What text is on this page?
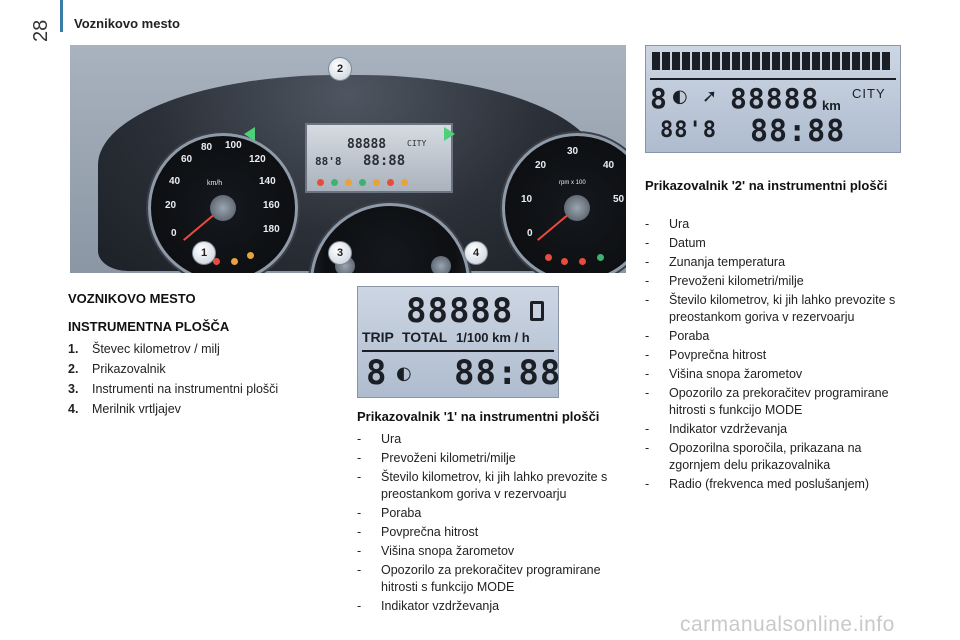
28 Voznikovo mesto
0
20
40
60
80 100
120
140
160
180
km/h
0
10
20
30
40
50
rpm x 100
88888	CITY
88'8 88:88
1
2
3	4
VOZNIKOVO MESTO
INSTRUMENTNA PLOŠČA
1.	Števec kilometrov / milj
2.	Prikazovalnik
3.	Instrumenti na instrumentni plošči
4.	Merilnik vrtljajev
88888
TRIP TOTAL 1/100 km / h
8 ◐ 88:88
Prikazovalnik '1' na instrumentni plošči
-	Ura
-	Prevoženi kilometri/milje
-	Število kilometrov, ki jih lahko prevozite s preostankom goriva v rezervoarju
-	Poraba
-	Povprečna hitrost
-	Višina snopa žarometov
-	Opozorilo za prekoračitev programirane hitrosti s funkcijo MODE
-	Indikator vzdrževanja
8 ◐ ➚ 88888 km
CITY
88'8 88:88
Prikazovalnik '2' na instrumentni plošči
-	Ura
-	Datum
-	Zunanja temperatura
-	Prevoženi kilometri/milje
-	Število kilometrov, ki jih lahko prevozite s preostankom goriva v rezervoarju
-	Poraba
-	Povprečna hitrost
-	Višina snopa žarometov
-	Opozorilo za prekoračitev programirane hitrosti s funkcijo MODE
-	Indikator vzdrževanja
-	Opozorilna sporočila, prikazana na zgornjem delu prikazovalnika
-	Radio (frekvenca med poslušanjem)
carmanualsonline.info
